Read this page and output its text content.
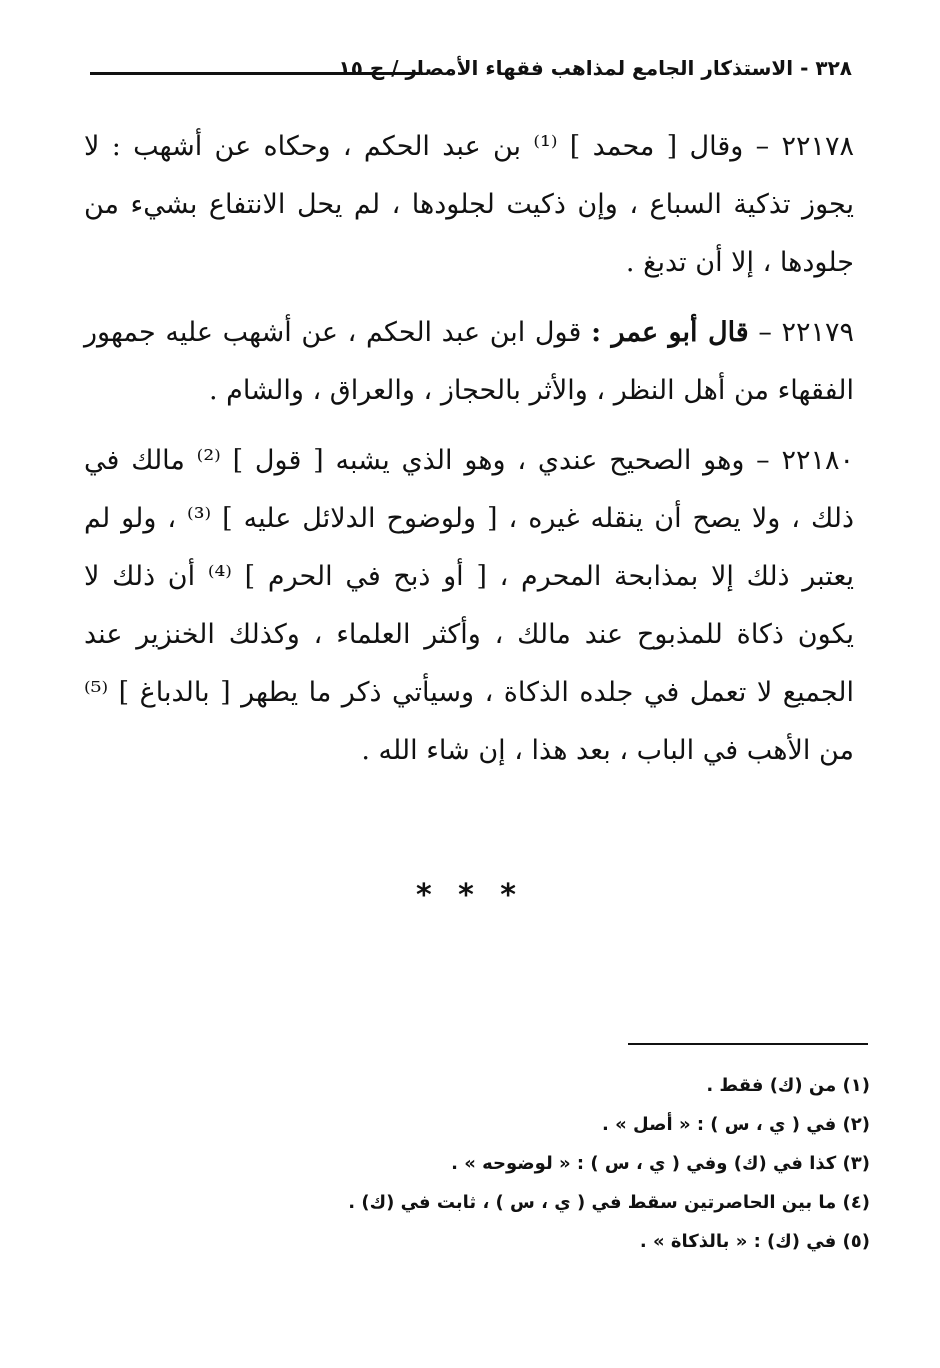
٣٢٨ - الاستذكار الجامع لمذاهب فقهاء الأمصار / ج ١٥

٢٢١٧٨ – وقال [ محمد ] ⁽¹⁾ بن عبد الحكم ، وحكاه عن أشهب : لا يجوز تذكية السباع ، وإن ذكيت لجلودها ، لم يحل الانتفاع بشيء من جلودها ، إلا أن تدبغ .

٢٢١٧٩ – قال أبو عمر : قول ابن عبد الحكم ، عن أشهب عليه جمهور الفقهاء من أهل النظر ، والأثر بالحجاز ، والعراق ، والشام .

٢٢١٨٠ – وهو الصحيح عندي ، وهو الذي يشبه [ قول ] ⁽²⁾ مالك في ذلك ، ولا يصح أن ينقله غيره ، [ ولوضوح الدلائل عليه ] ⁽³⁾ ، ولو لم يعتبر ذلك إلا بمذابحة المحرم ، [ أو ذبح في الحرم ] ⁽⁴⁾ أن ذلك لا يكون ذكاة للمذبوح عند مالك ، وأكثر العلماء ، وكذلك الخنزير عند الجميع لا تعمل في جلده الذكاة ، وسيأتي ذكر ما يطهر [ بالدباغ ] ⁽⁵⁾ من الأهب في الباب ، بعد هذا ، إن شاء الله .

* * *

(١) من (ك) فقط .

(٢) في ( ي ، س ) : « أصل » .

(٣) كذا في (ك) وفي ( ي ، س ) : « لوضوحه » .

(٤) ما بين الحاصرتين سقط في ( ي ، س ) ، ثابت في (ك) .

(٥) في (ك) : « بالذكاة » .
